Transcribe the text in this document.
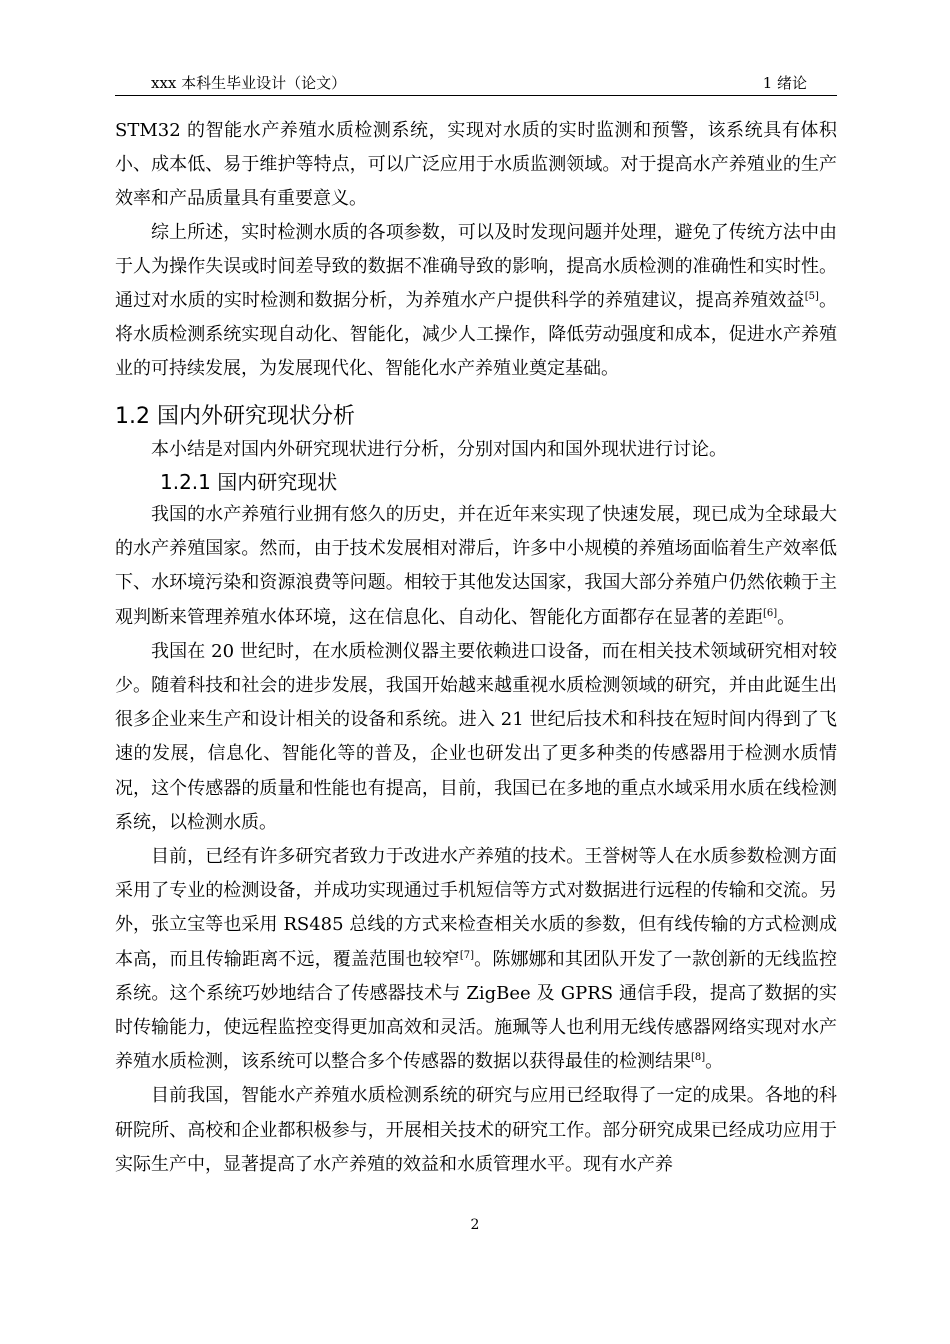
xxx 本科生毕业设计（论文）	1 绪论

STM32 的智能水产养殖水质检测系统，实现对水质的实时监测和预警，该系统具有体积小、成本低、易于维护等特点，可以广泛应用于水质监测领域。对于提高水产养殖业的生产效率和产品质量具有重要意义。

综上所述，实时检测水质的各项参数，可以及时发现问题并处理，避免了传统方法中由于人为操作失误或时间差导致的数据不准确导致的影响，提高水质检测的准确性和实时性。通过对水质的实时检测和数据分析，为养殖水产户提供科学的养殖建议，提高养殖效益[5]。将水质检测系统实现自动化、智能化，减少人工操作，降低劳动强度和成本，促进水产养殖业的可持续发展，为发展现代化、智能化水产养殖业奠定基础。

1.2 国内外研究现状分析
本小结是对国内外研究现状进行分析，分别对国内和国外现状进行讨论。
1.2.1 国内研究现状

我国的水产养殖行业拥有悠久的历史，并在近年来实现了快速发展，现已成为全球最大的水产养殖国家。然而，由于技术发展相对滞后，许多中小规模的养殖场面临着生产效率低下、水环境污染和资源浪费等问题。相较于其他发达国家，我国大部分养殖户仍然依赖于主观判断来管理养殖水体环境，这在信息化、自动化、智能化方面都存在显著的差距[6]。

我国在 20 世纪时，在水质检测仪器主要依赖进口设备，而在相关技术领域研究相对较少。随着科技和社会的进步发展，我国开始越来越重视水质检测领域的研究，并由此诞生出很多企业来生产和设计相关的设备和系统。进入 21 世纪后技术和科技在短时间内得到了飞速的发展，信息化、智能化等的普及，企业也研发出了更多种类的传感器用于检测水质情况，这个传感器的质量和性能也有提高，目前，我国已在多地的重点水域采用水质在线检测系统，以检测水质。

目前，已经有许多研究者致力于改进水产养殖的技术。王誉树等人在水质参数检测方面采用了专业的检测设备，并成功实现通过手机短信等方式对数据进行远程的传输和交流。另外，张立宝等也采用 RS485 总线的方式来检查相关水质的参数，但有线传输的方式检测成本高，而且传输距离不远，覆盖范围也较窄[7]。陈娜娜和其团队开发了一款创新的无线监控系统。这个系统巧妙地结合了传感器技术与 ZigBee 及 GPRS 通信手段，提高了数据的实时传输能力，使远程监控变得更加高效和灵活。施珮等人也利用无线传感器网络实现对水产养殖水质检测，该系统可以整合多个传感器的数据以获得最佳的检测结果[8]。

目前我国，智能水产养殖水质检测系统的研究与应用已经取得了一定的成果。各地的科研院所、高校和企业都积极参与，开展相关技术的研究工作。部分研究成果已经成功应用于实际生产中，显著提高了水产养殖的效益和水质管理水平。现有水产养

2
